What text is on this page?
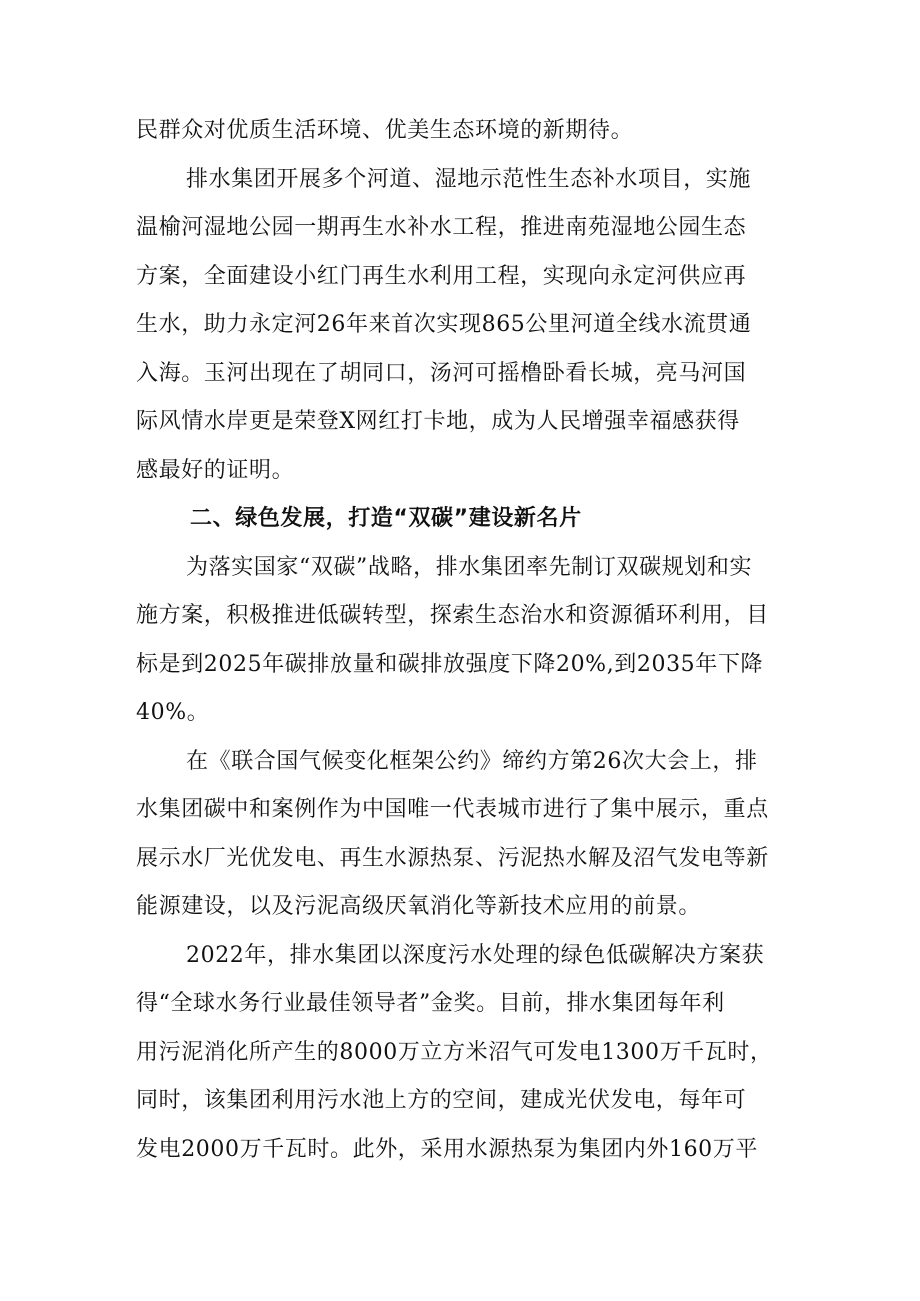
民群众对优质生活环境、优美生态环境的新期待。
排水集团开展多个河道、湿地示范性生态补水项目，实施
温榆河湿地公园一期再生水补水工程，推进南苑湿地公园生态
方案，全面建设小红门再生水利用工程，实现向永定河供应再
生水，助力永定河26年来首次实现865公里河道全线水流贯通
入海。玉河出现在了胡同口，汤河可摇橹卧看长城，亮马河国
际风情水岸更是荣登X网红打卡地，成为人民增强幸福感获得
感最好的证明。
二、绿色发展，打造“双碳”建设新名片
为落实国家“双碳”战略，排水集团率先制订双碳规划和实
施方案，积极推进低碳转型，探索生态治水和资源循环利用，目
标是到2025年碳排放量和碳排放强度下降20%,到2035年下降
40%。
在《联合国气候变化框架公约》缔约方第26次大会上，排
水集团碳中和案例作为中国唯一代表城市进行了集中展示，重点
展示水厂光优发电、再生水源热泵、污泥热水解及沼气发电等新
能源建设，以及污泥高级厌氧消化等新技术应用的前景。
2022年，排水集团以深度污水处理的绿色低碳解决方案获
得“全球水务行业最佳领导者”金奖。目前，排水集团每年利
用污泥消化所产生的8000万立方米沼气可发电1300万千瓦时，
同时，该集团利用污水池上方的空间，建成光伏发电，每年可
发电2000万千瓦时。此外，采用水源热泵为集团内外160万平
